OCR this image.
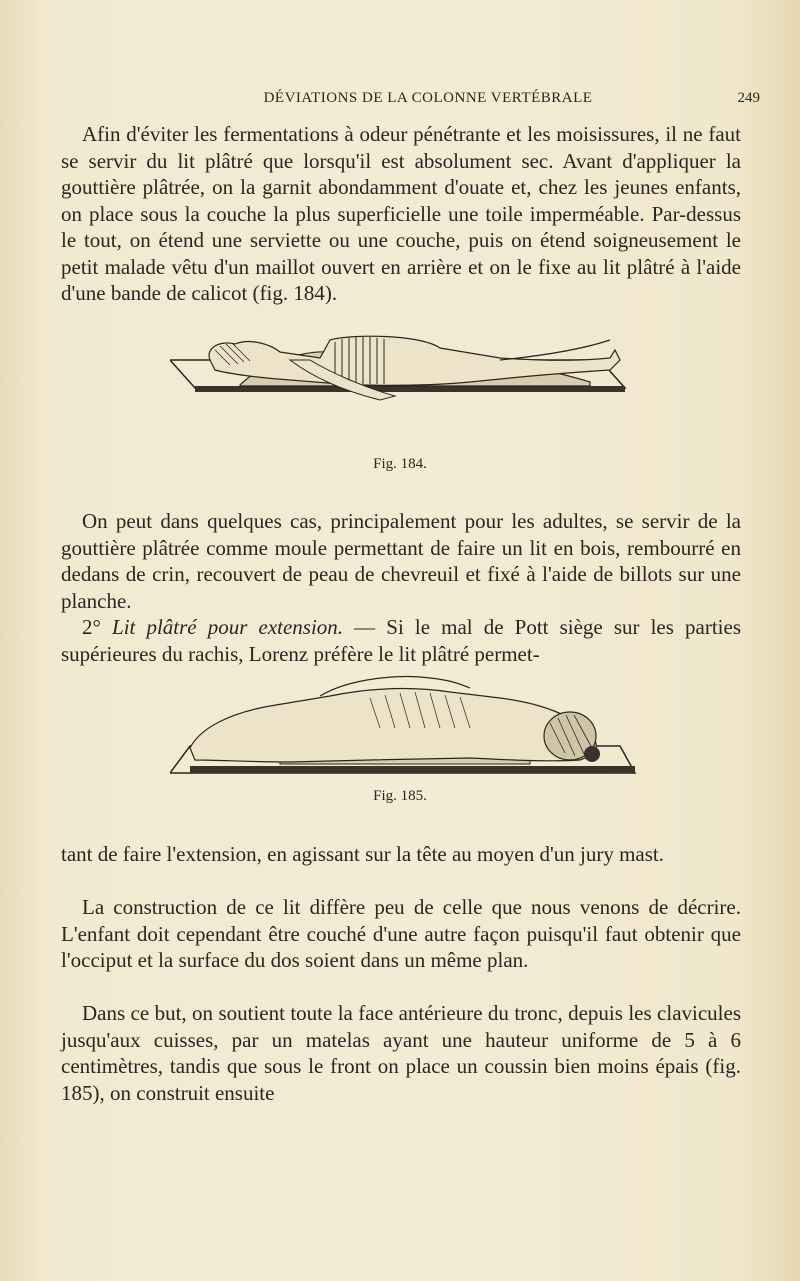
DÉVIATIONS DE LA COLONNE VERTÉBRALE	249

Afin d'éviter les fermentations à odeur pénétrante et les moisissures, il ne faut se servir du lit plâtré que lorsqu'il est absolument sec. Avant d'appliquer la gouttière plâtrée, on la garnit abondamment d'ouate et, chez les jeunes enfants, on place sous la couche la plus superficielle une toile imperméable. Par-dessus le tout, on étend une serviette ou une couche, puis on étend soigneusement le petit malade vêtu d'un maillot ouvert en arrière et on le fixe au lit plâtré à l'aide d'une bande de calicot (fig. 184).

Fig. 184.

On peut dans quelques cas, principalement pour les adultes, se servir de la gouttière plâtrée comme moule permettant de faire un lit en bois, rembourré en dedans de crin, recouvert de peau de chevreuil et fixé à l'aide de billots sur une planche.

2° Lit plâtré pour extension. — Si le mal de Pott siège sur les parties supérieures du rachis, Lorenz préfère le lit plâtré permet-

Fig. 185.

tant de faire l'extension, en agissant sur la tête au moyen d'un jury mast.

La construction de ce lit diffère peu de celle que nous venons de décrire. L'enfant doit cependant être couché d'une autre façon puisqu'il faut obtenir que l'occiput et la surface du dos soient dans un même plan.

Dans ce but, on soutient toute la face antérieure du tronc, depuis les clavicules jusqu'aux cuisses, par un matelas ayant une hauteur uniforme de 5 à 6 centimètres, tandis que sous le front on place un coussin bien moins épais (fig. 185), on construit ensuite
